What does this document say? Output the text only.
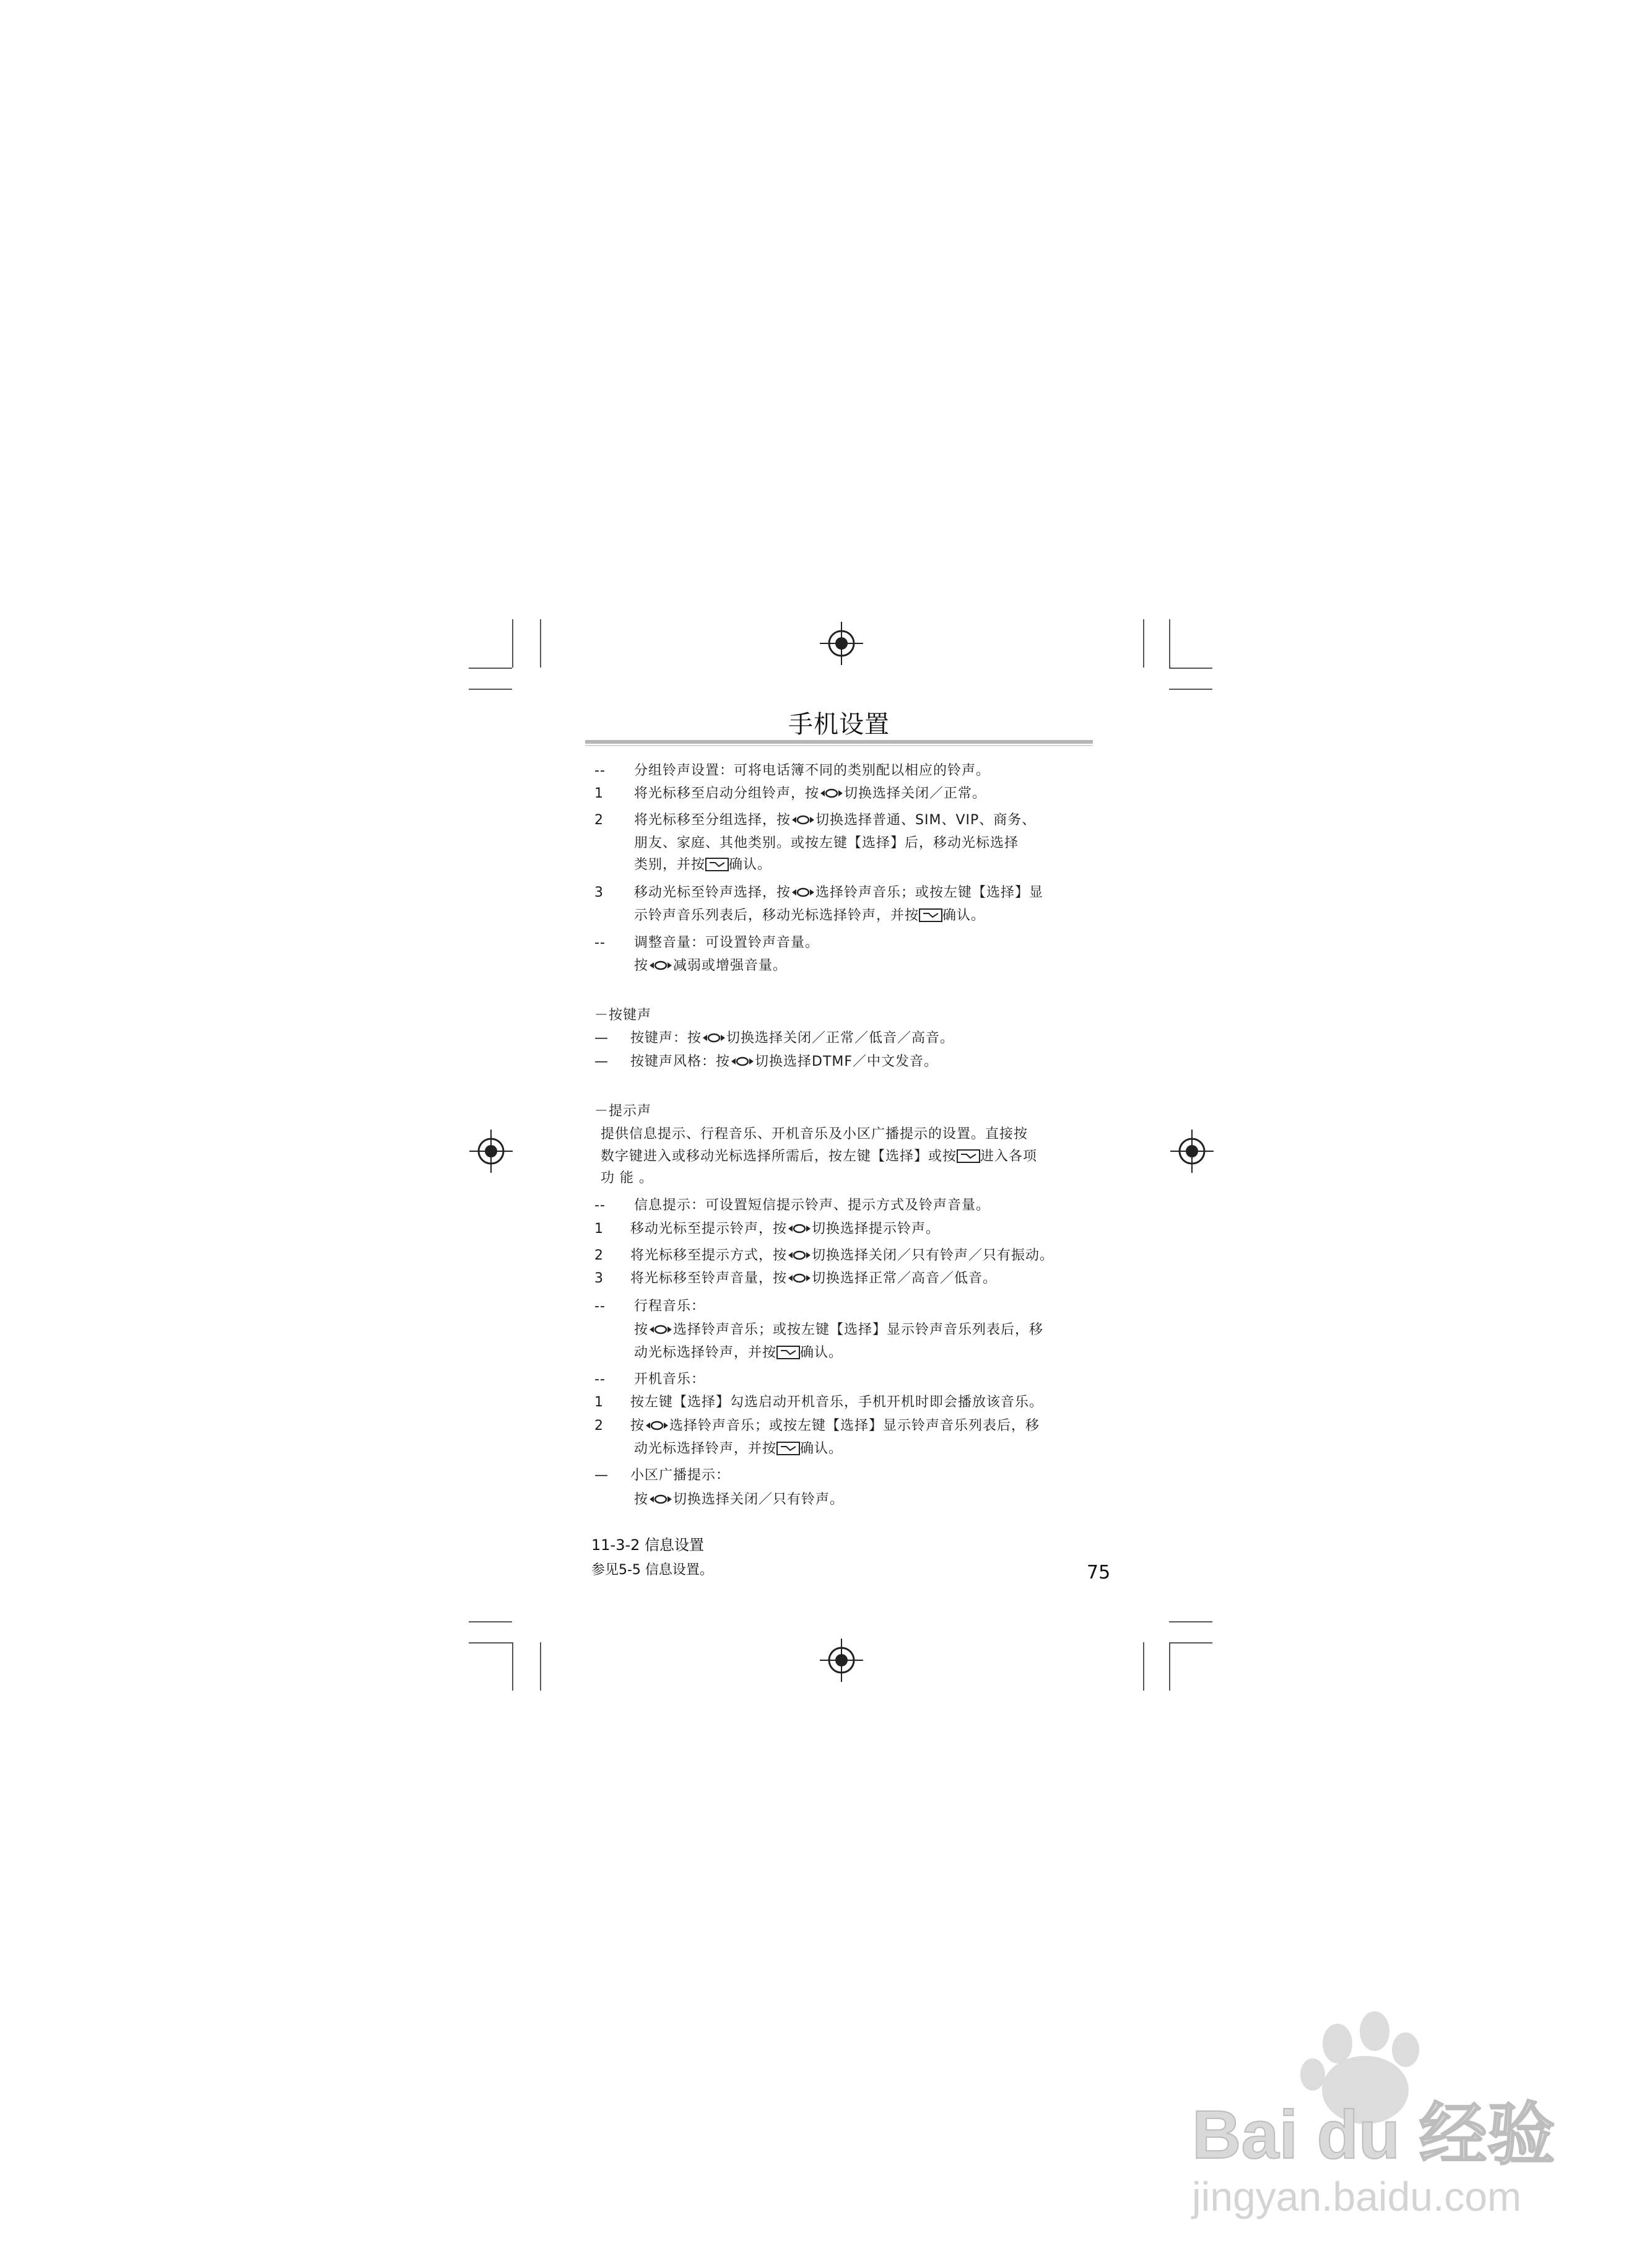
手机设置
-- 分组铃声设置：可将电话簿不同的类别配以相应的铃声。
1 将光标移至启动分组铃声，按 切换选择关闭／正常。
2 将光标移至分组选择，按 切换选择普通、SIM、VIP、商务、
朋友、家庭、其他类别。或按左键【选择】后，移动光标选择
类别，并按 确认。
3 移动光标至铃声选择，按 选择铃声音乐；或按左键【选择】显
示铃声音乐列表后，移动光标选择铃声，并按 确认。
-- 调整音量：可设置铃声音量。
按 减弱或增强音量。
－按键声
— 按键声：按 切换选择关闭／正常／低音／高音。
— 按键声风格：按 切换选择DTMF／中文发音。
－提示声
提供信息提示、行程音乐、开机音乐及小区广播提示的设置。直接按
数字键进入或移动光标选择所需后，按左键【选择】或按 进入各项
功 能 。
-- 信息提示：可设置短信提示铃声、提示方式及铃声音量。
1 移动光标至提示铃声，按 切换选择提示铃声。
2 将光标移至提示方式，按 切换选择关闭／只有铃声／只有振动。
3 将光标移至铃声音量，按 切换选择正常／高音／低音。
-- 行程音乐：
按 选择铃声音乐；或按左键【选择】显示铃声音乐列表后，移
动光标选择铃声，并按 确认。
-- 开机音乐：
1 按左键【选择】勾选启动开机音乐，手机开机时即会播放该音乐。
2 按 选择铃声音乐；或按左键【选择】显示铃声音乐列表后，移
动光标选择铃声，并按 确认。
— 小区广播提示：
按 切换选择关闭／只有铃声。
11-3-2 信息设置
参见5-5 信息设置。	75
Bai du 经验
jingyan.baidu.com
